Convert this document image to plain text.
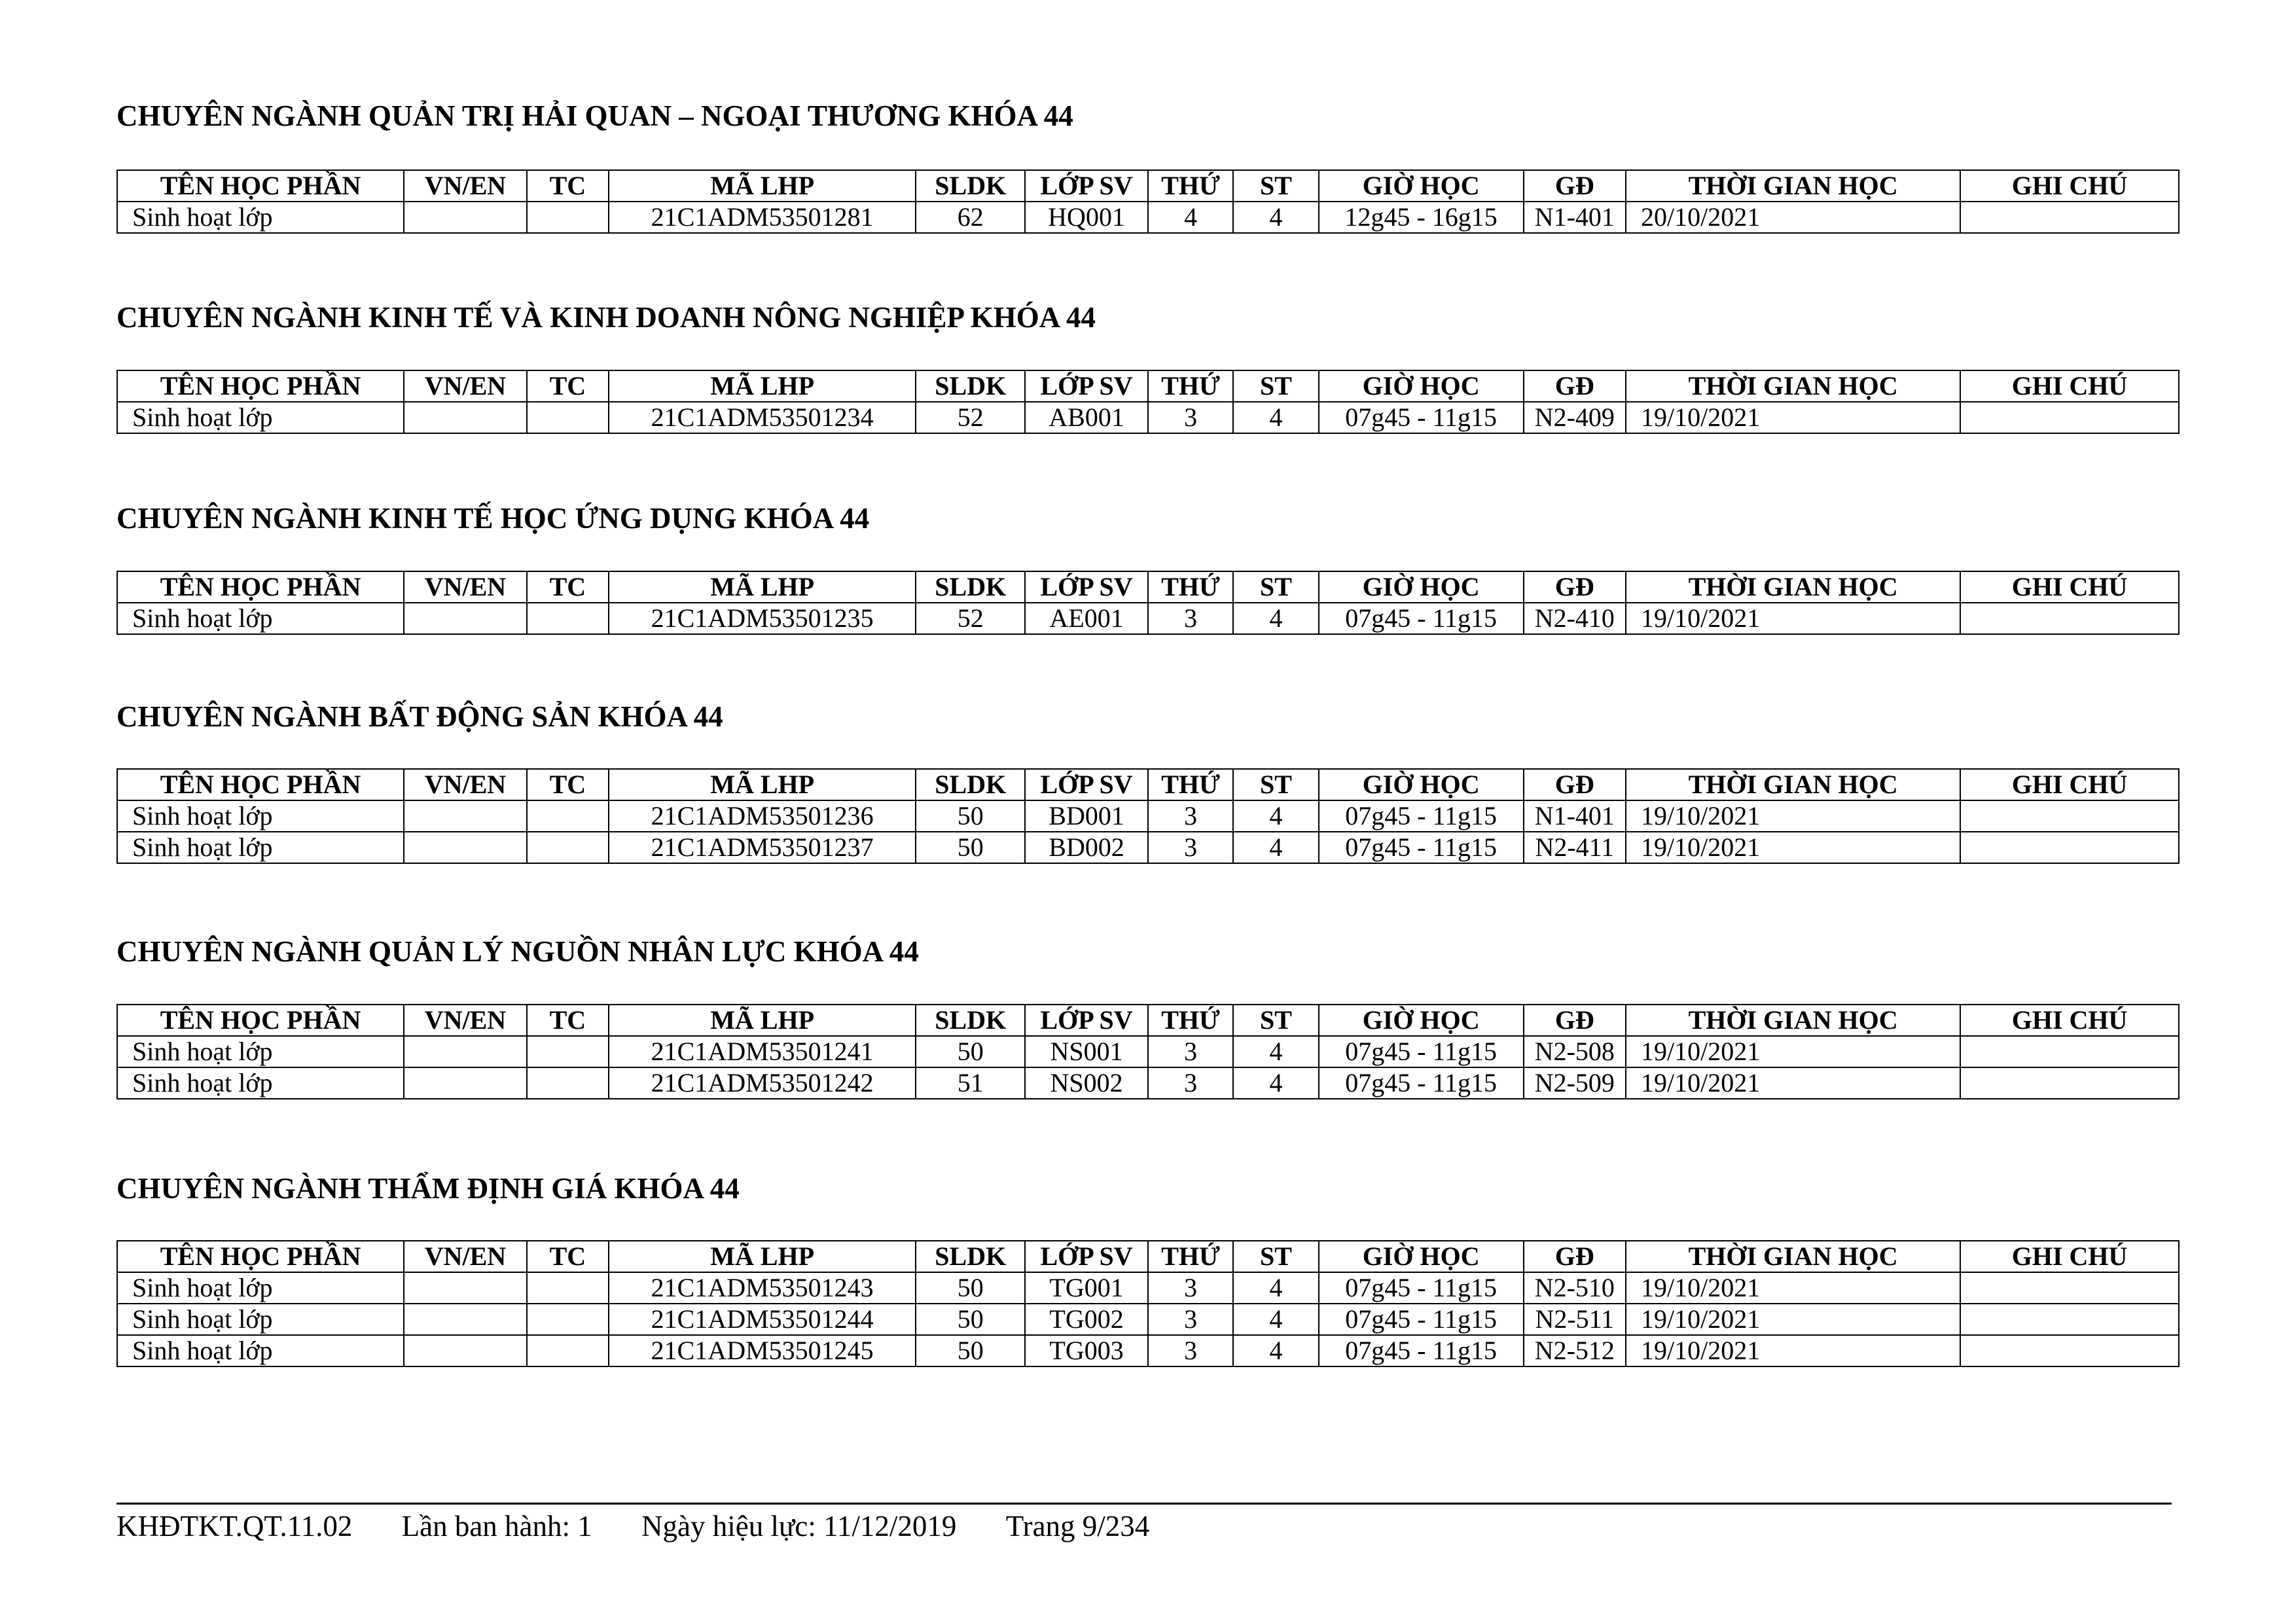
CHUYÊN NGÀNH QUẢN TRỊ HẢI QUAN – NGOẠI THƯƠNG KHÓA 44
TÊN HỌC PHẦN	VN/EN	TC	MÃ LHP	SLDK	LỚP SV	THỨ	ST	GIỜ HỌC	GĐ	THỜI GIAN HỌC	GHI CHÚ
Sinh hoạt lớp			21C1ADM53501281	62	HQ001	4	4	12g45 - 16g15	N1-401	20/10/2021	
CHUYÊN NGÀNH KINH TẾ VÀ KINH DOANH NÔNG NGHIỆP KHÓA 44
TÊN HỌC PHẦN	VN/EN	TC	MÃ LHP	SLDK	LỚP SV	THỨ	ST	GIỜ HỌC	GĐ	THỜI GIAN HỌC	GHI CHÚ
Sinh hoạt lớp			21C1ADM53501234	52	AB001	3	4	07g45 - 11g15	N2-409	19/10/2021	
CHUYÊN NGÀNH KINH TẾ HỌC ỨNG DỤNG KHÓA 44
TÊN HỌC PHẦN	VN/EN	TC	MÃ LHP	SLDK	LỚP SV	THỨ	ST	GIỜ HỌC	GĐ	THỜI GIAN HỌC	GHI CHÚ
Sinh hoạt lớp			21C1ADM53501235	52	AE001	3	4	07g45 - 11g15	N2-410	19/10/2021	
CHUYÊN NGÀNH BẤT ĐỘNG SẢN KHÓA 44
TÊN HỌC PHẦN	VN/EN	TC	MÃ LHP	SLDK	LỚP SV	THỨ	ST	GIỜ HỌC	GĐ	THỜI GIAN HỌC	GHI CHÚ
Sinh hoạt lớp			21C1ADM53501236	50	BD001	3	4	07g45 - 11g15	N1-401	19/10/2021	
Sinh hoạt lớp			21C1ADM53501237	50	BD002	3	4	07g45 - 11g15	N2-411	19/10/2021	
CHUYÊN NGÀNH QUẢN LÝ NGUỒN NHÂN LỰC KHÓA 44
TÊN HỌC PHẦN	VN/EN	TC	MÃ LHP	SLDK	LỚP SV	THỨ	ST	GIỜ HỌC	GĐ	THỜI GIAN HỌC	GHI CHÚ
Sinh hoạt lớp			21C1ADM53501241	50	NS001	3	4	07g45 - 11g15	N2-508	19/10/2021	
Sinh hoạt lớp			21C1ADM53501242	51	NS002	3	4	07g45 - 11g15	N2-509	19/10/2021	
CHUYÊN NGÀNH THẨM ĐỊNH GIÁ KHÓA 44
TÊN HỌC PHẦN	VN/EN	TC	MÃ LHP	SLDK	LỚP SV	THỨ	ST	GIỜ HỌC	GĐ	THỜI GIAN HỌC	GHI CHÚ
Sinh hoạt lớp			21C1ADM53501243	50	TG001	3	4	07g45 - 11g15	N2-510	19/10/2021	
Sinh hoạt lớp			21C1ADM53501244	50	TG002	3	4	07g45 - 11g15	N2-511	19/10/2021	
Sinh hoạt lớp			21C1ADM53501245	50	TG003	3	4	07g45 - 11g15	N2-512	19/10/2021	
KHĐTKT.QT.11.02 Lần ban hành: 1 Ngày hiệu lực: 11/12/2019 Trang 9/234
